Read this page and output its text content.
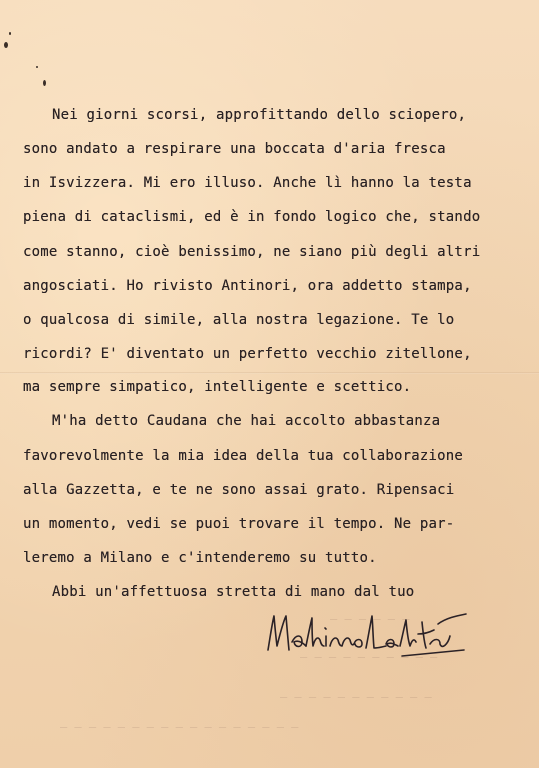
— — — — — —
— — — — — — — — — —
— — — — — — — — — — —
— — — — — — — — — — — — — — — — —
Nei giorni scorsi, approfittando dello sciopero,
sono andato a respirare una boccata d'aria fresca
in Isvizzera. Mi ero illuso. Anche lì hanno la testa
piena di cataclismi, ed è in fondo logico che, stando
come stanno, cioè benissimo, ne siano più degli altri
angosciati. Ho rivisto Antinori, ora addetto stampa,
o qualcosa di simile, alla nostra legazione. Te lo
ricordi? E' diventato un perfetto vecchio zitellone,
ma sempre simpatico, intelligente e scettico.
M'ha detto Caudana che hai accolto abbastanza
favorevolmente la mia idea della tua collaborazione
alla Gazzetta, e te ne sono assai grato. Ripensaci
un momento, vedi se puoi trovare il tempo. Ne par-
leremo a Milano e c'intenderemo su tutto.
Abbi un'affettuosa stretta di mano dal tuo
